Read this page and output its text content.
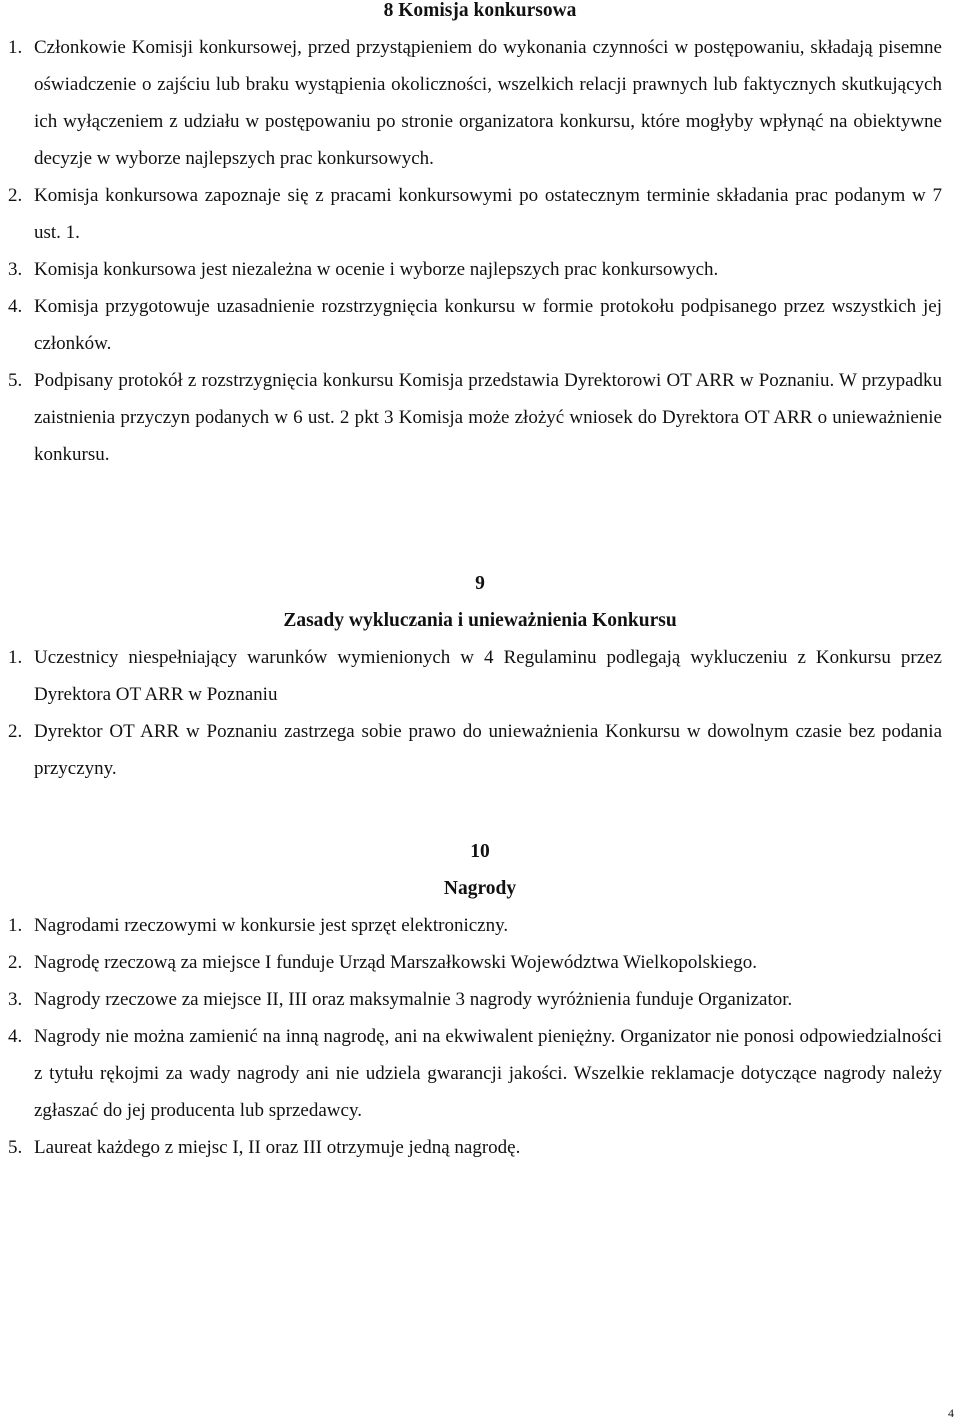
8 Komisja konkursowa

1. Członkowie Komisji konkursowej, przed przystąpieniem do wykonania czynności w postępowaniu, składają pisemne oświadczenie o zajściu lub braku wystąpienia okoliczności, wszelkich relacji prawnych lub faktycznych skutkujących ich wyłączeniem z udziału w postępowaniu po stronie organizatora konkursu, które mogłyby wpłynąć na obiektywne decyzje w wyborze najlepszych prac konkursowych.
2. Komisja konkursowa zapoznaje się z pracami konkursowymi po ostatecznym terminie składania prac podanym w 7 ust. 1.
3. Komisja konkursowa jest niezależna w ocenie i wyborze najlepszych prac konkursowych.
4. Komisja przygotowuje uzasadnienie rozstrzygnięcia konkursu w formie protokołu podpisanego przez wszystkich jej członków.
5. Podpisany protokół z rozstrzygnięcia konkursu Komisja przedstawia Dyrektorowi OT ARR w Poznaniu. W przypadku zaistnienia przyczyn podanych w 6 ust. 2 pkt 3 Komisja może złożyć wniosek do Dyrektora OT ARR o unieważnienie konkursu.

9

Zasady wykluczania i unieważnienia Konkursu

1. Uczestnicy niespełniający warunków wymienionych w 4 Regulaminu podlegają wykluczeniu z Konkursu przez Dyrektora OT ARR w Poznaniu
2. Dyrektor OT ARR w Poznaniu zastrzega sobie prawo do unieważnienia Konkursu w dowolnym czasie bez podania przyczyny.

10

Nagrody

1. Nagrodami rzeczowymi w konkursie jest sprzęt elektroniczny.
2. Nagrodę rzeczową za miejsce I funduje Urząd Marszałkowski Województwa Wielkopolskiego.
3. Nagrody rzeczowe za miejsce II, III oraz maksymalnie 3 nagrody wyróżnienia funduje Organizator.
4. Nagrody nie można zamienić na inną nagrodę, ani na ekwiwalent pieniężny. Organizator nie ponosi odpowiedzialności z tytułu rękojmi za wady nagrody ani nie udziela gwarancji jakości. Wszelkie reklamacje dotyczące nagrody należy zgłaszać do jej producenta lub sprzedawcy.
5. Laureat każdego z miejsc I, II oraz III otrzymuje jedną nagrodę.
4
